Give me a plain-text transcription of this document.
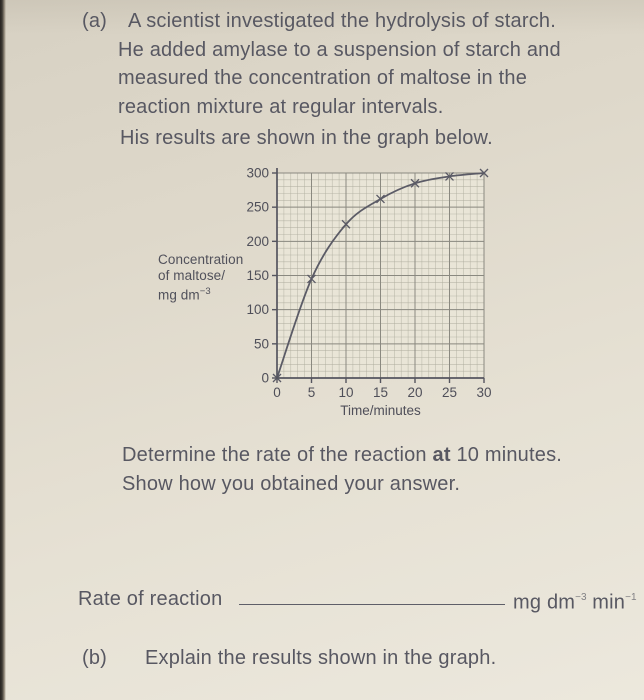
(a)	A scientist investigated the hydrolysis of starch.
He added amylase to a suspension of starch and
measured the concentration of maltose in the
reaction mixture at regular intervals.
His results are shown in the graph below.
0
50
100
150
200
250
300
0 5 10 15 20 25 30
Time/minutes
Concentration
of maltose/
mg $dm^{-3}$
Determine the rate of the reaction at 10 minutes.
Show how you obtained your answer.
Rate of reaction	mg $dm^{-3}$ $\min^{-1}$
(b) Explain the results shown in the graph.
